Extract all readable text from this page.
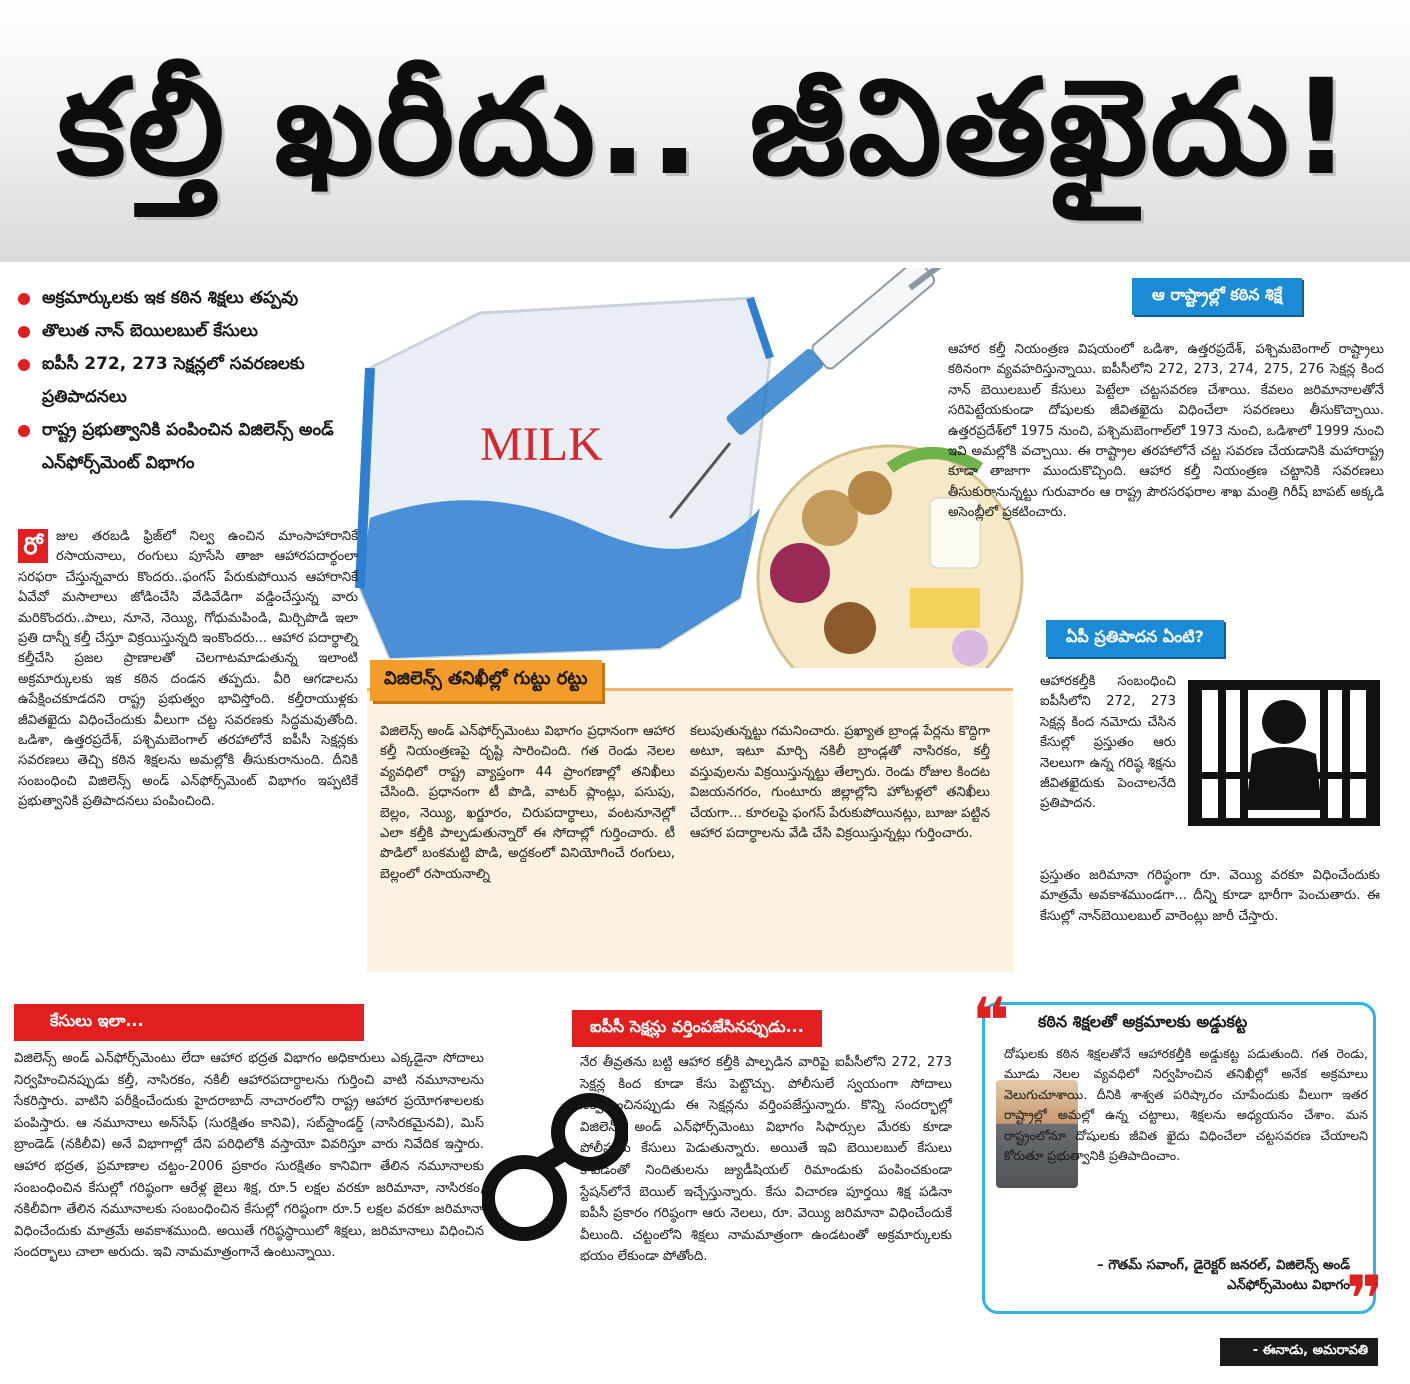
కల్తీ ఖరీదు.. జీవితఖైదు!
అక్రమార్కులకు ఇక కఠిన శిక్షలు తప్పవు
తొలుత నాన్ బెయిలబుల్ కేసులు
ఐపీసీ 272, 273 సెక్షన్లలో సవరణలకు ప్రతిపాదనలు
రాష్ట్ర ప్రభుత్వానికి పంపించిన విజిలెన్స్ అండ్ ఎన్‌ఫోర్స్‌మెంట్ విభాగం	MILK
రో	జుల తరబడి ఫ్రిజ్‌లో నిల్వ ఉంచిన మాంసాహారానికే రసాయనాలు, రంగులు పూసేసి తాజా ఆహారపదార్థంలా సరఫరా చేస్తున్నవారు కొందరు..ఫంగస్ పేరుకుపోయిన ఆహారానికే ఏవేవో మసాలాలు జోడించేసి వేడివేడిగా వడ్డించేస్తున్న వారు మరికొందరు..పాలు, నూనె, నెయ్యి, గోధుమపిండి, మిర్చిపొడి ఇలా ప్రతి దాన్నీ కల్తీ చేస్తూ విక్రయిస్తున్నది ఇంకొందరు... ఆహార పదార్థాల్ని కల్తీచేసి ప్రజల ప్రాణాలతో చెలగాటమాడుతున్న ఇలాంటి అక్రమార్కులకు ఇక కఠిన దండన తప్పదు. వీరి ఆగడాలను ఉపేక్షించకూడదని రాష్ట్ర ప్రభుత్వం భావిస్తోంది. కల్తీరాయుళ్లకు జీవితఖైదు విధించేందుకు వీలుగా చట్ట సవరణకు సిద్ధమవుతోంది. ఒడిశా, ఉత్తరప్రదేశ్, పశ్చిమబెంగాల్ తరహాలోనే ఐపీసీ సెక్షన్లకు సవరణలు తెచ్చి కఠిన శిక్షలను అమల్లోకి తీసుకురానుంది. దీనికి సంబంధించి విజిలెన్స్ అండ్ ఎన్‌ఫోర్స్‌మెంట్ విభాగం ఇప్పటికే ప్రభుత్వానికి ప్రతిపాదనలు పంపించింది.
విజిలెన్స్ తనిఖీల్లో గుట్టు రట్టు
విజిలెన్స్ అండ్ ఎన్‌ఫోర్స్‌మెంటు విభాగం ప్రధానంగా ఆహార కల్తీ నియంత్రణపై దృష్టి సారించింది. గత రెండు నెలల వ్యవధిలో రాష్ట్ర వ్యాప్తంగా 44 ప్రాంగణాల్లో తనిఖీలు చేసింది. ప్రధానంగా టీ పొడి, వాటర్ ప్లాంట్లు, పసుపు, బెల్లం, నెయ్యి, ఖర్జూరం, చిరుపదార్థాలు, వంటనూనెల్లో ఎలా కల్తీకి పాల్పడుతున్నారో ఈ సోదాల్లో గుర్తించారు. టీ పొడిలో బంకమట్టి పొడి, అద్దకంలో వినియోగించే రంగులు, బెల్లంలో రసాయనాల్ని
కలుపుతున్నట్టు గమనించారు. ప్రఖ్యాత బ్రాండ్ల పేర్లను కొద్దిగా అటూ, ఇటూ మార్చి నకిలీ బ్రాండ్లతో నాసిరకం, కల్తీ వస్తువులను విక్రయిస్తున్నట్టు తేల్చారు. రెండు రోజుల కిందట విజయనగరం, గుంటూరు జిల్లాల్లోని హోటళ్లలో తనిఖీలు చేయగా... కూరలపై ఫంగస్ పేరుకుపోయినట్లు, బూజు పట్టిన ఆహార పదార్థాలను వేడి చేసి విక్రయిస్తున్నట్లు గుర్తించారు.
ఆ రాష్ట్రాల్లో కఠిన శిక్షే
ఆహార కల్తీ నియంత్రణ విషయంలో ఒడిశా, ఉత్తరప్రదేశ్, పశ్చిమబెంగాల్ రాష్ట్రాలు కఠినంగా వ్యవహరిస్తున్నాయి. ఐపీసీలోని 272, 273, 274, 275, 276 సెక్షన్ల కింద నాన్ బెయిలబుల్ కేసులు పెట్టేలా చట్టసవరణ చేశాయి. కేవలం జరిమానాలతోనే సరిపెట్టేయకుండా దోషులకు జీవితఖైదు విధించేలా సవరణలు తీసుకొచ్చాయి. ఉత్తరప్రదేశ్‌లో 1975 నుంచి, పశ్చిమబెంగాల్‌లో 1973 నుంచి, ఒడిశాలో 1999 నుంచి ఇవి అమల్లోకి వచ్చాయి. ఈ రాష్ట్రాల తరహాలోనే చట్ట సవరణ చేయడానికి మహారాష్ట్ర కూడా తాజాగా ముందుకొచ్చింది. ఆహార కల్తీ నియంత్రణ చట్టానికి సవరణలు తీసుకురానున్నట్టు గురువారం ఆ రాష్ట్ర పౌరసరఫరాల శాఖ మంత్రి గిరీష్ బాపట్ అక్కడి అసెంబ్లీలో ప్రకటించారు.
ఏపీ ప్రతిపాదన ఏంటి?
ఆహారకల్తీకి సంబంధించి ఐపీసీలోని 272, 273 సెక్షన్ల కింద నమోదు చేసిన కేసుల్లో ప్రస్తుతం ఆరు నెలలుగా ఉన్న గరిష్ఠ శిక్షను జీవితఖైదుకు పెంచాలనేది ప్రతిపాదన.
ప్రస్తుతం జరిమానా గరిష్ఠంగా రూ. వెయ్యి వరకూ విధించేందుకు మాత్రమే అవకాశముండగా... దీన్ని కూడా భారీగా పెంచుతారు. ఈ కేసుల్లో నాన్‌బెయిలబుల్ వారెంట్లు జారీ చేస్తారు.
కేసులు ఇలా...
విజిలెన్స్ అండ్ ఎన్‌ఫోర్స్‌మెంటు లేదా ఆహార భద్రత విభాగం అధికారులు ఎక్కడైనా సోదాలు నిర్వహించినప్పుడు కల్తీ, నాసిరకం, నకిలీ ఆహారపదార్థాలను గుర్తించి వాటి నమూనాలను సేకరిస్తారు. వాటిని పరీక్షించేందుకు హైదరాబాద్ నాచారంలోని రాష్ట్ర ఆహార ప్రయోగశాలలకు పంపిస్తారు. ఆ నమూనాలు అన్‌సేఫ్ (సురక్షితం కానివి), సబ్‌స్టాండర్డ్ (నాసిరకమైనవి), మిస్ బ్రాండెడ్ (నకిలీవి) అనే విభాగాల్లో దేని పరిధిలోకి వస్తాయో వివరిస్తూ వారు నివేదిక ఇస్తారు. ఆహార భద్రత, ప్రమాణాల చట్టం-2006 ప్రకారం సురక్షితం కానివిగా తేలిన నమూనాలకు సంబంధించిన కేసుల్లో గరిష్ఠంగా ఆరేళ్ల జైలు శిక్ష, రూ.5 లక్షల వరకూ జరిమానా, నాసిరకం, నకిలీవిగా తేలిన నమూనాలకు సంబంధించిన కేసుల్లో గరిష్ఠంగా రూ.5 లక్షల వరకూ జరిమానా విధించేందుకు మాత్రమే అవకాశముంది. అయితే గరిష్ఠస్థాయిలో శిక్షలు, జరిమానాలు విధించిన సందర్భాలు చాలా అరుదు. ఇవి నామమాత్రంగానే ఉంటున్నాయి.
ఐపీసీ సెక్షన్లు వర్తింపజేసినప్పుడు...
నేర తీవ్రతను బట్టి ఆహార కల్తీకి పాల్పడిన వారిపై ఐపీసీలోని 272, 273 సెక్షన్ల కింద కూడా కేసు పెట్టొచ్చు. పోలీసులే స్వయంగా సోదాలు నిర్వహించినప్పుడు ఈ సెక్షన్లను వర్తింపజేస్తున్నారు. కొన్ని సందర్భాల్లో విజిలెన్స్ అండ్ ఎన్‌ఫోర్స్‌మెంటు విభాగం సిఫార్సుల మేరకు కూడా పోలీసులు కేసులు పెడుతున్నారు. అయితే ఇవి బెయిలబుల్ కేసులు కావడంతో నిందితులను జ్యుడీషియల్ రిమాండుకు పంపించకుండా స్టేషన్‌లోనే బెయిల్ ఇచ్చేస్తున్నారు. కేసు విచారణ పూర్తయి శిక్ష పడినా ఐపీసీ ప్రకారం గరిష్ఠంగా ఆరు నెలలు, రూ. వెయ్యి జరిమానా విధించేందుకే వీలుంది. చట్టంలోని శిక్షలు నామమాత్రంగా ఉండటంతో అక్రమార్కులకు భయం లేకుండా పోతోంది.
❝
❞
కఠిన శిక్షలతో అక్రమాలకు అడ్డుకట్ట
దోషులకు కఠిన శిక్షలతోనే ఆహారకల్తీకి అడ్డుకట్ట పడుతుంది. గత రెండు, మూడు నెలల వ్యవధిలో నిర్వహించిన తనిఖీల్లో అనేక అక్రమాలు వెలుగుచూశాయి. దీనికి శాశ్వత పరిష్కారం చూపేందుకు వీలుగా ఇతర రాష్ట్రాల్లో అమల్లో ఉన్న చట్టాలు, శిక్షలను అధ్యయనం చేశాం. మన రాష్ట్రంలోనూ దోషులకు జీవిత ఖైదు విధించేలా చట్టసవరణ చేయాలని కోరుతూ ప్రభుత్వానికి ప్రతిపాదించాం.
– గౌతమ్ సవాంగ్, డైరెక్టర్ జనరల్, విజిలెన్స్ అండ్ ఎన్‌ఫోర్స్‌మెంటు విభాగం
- ఈనాడు, అమరావతి
